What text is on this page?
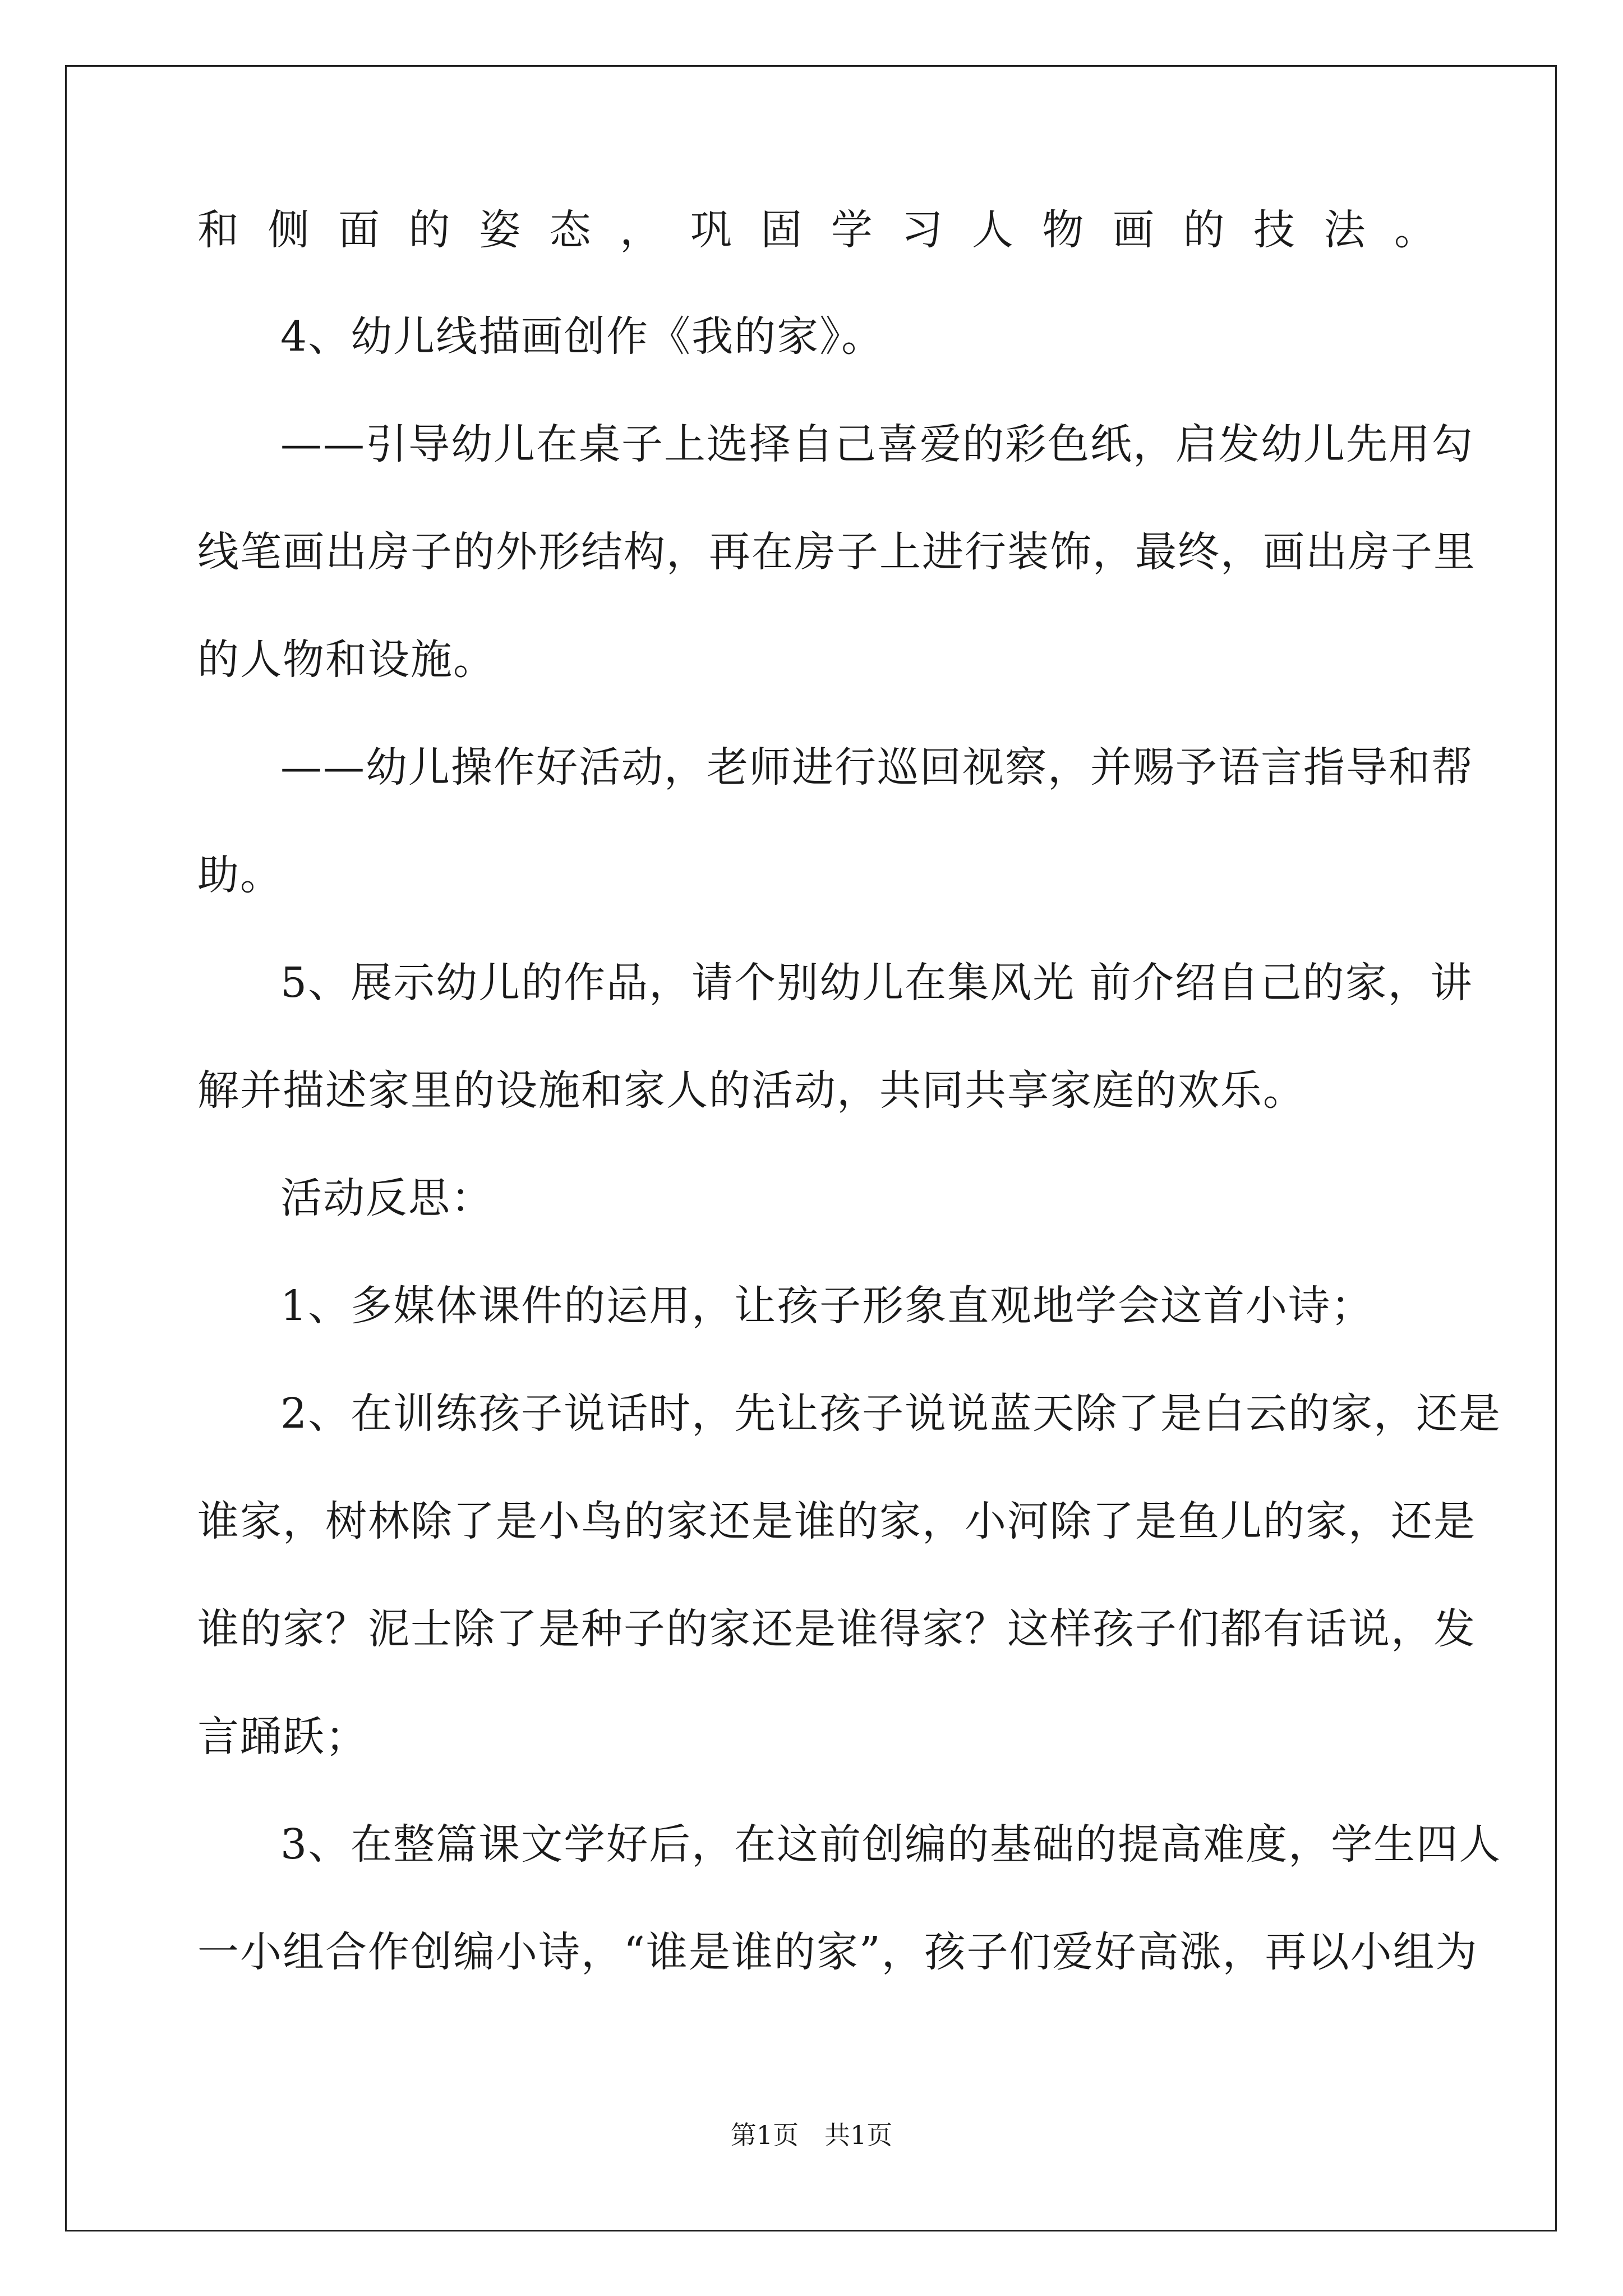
和侧面的姿态，巩固学习人物画的技法。
4、幼儿线描画创作《我的家》。
——引导幼儿在桌子上选择自己喜爱的彩色纸，启发幼儿先用勾
线笔画出房子的外形结构，再在房子上进行装饰，最终，画出房子里
的人物和设施。
——幼儿操作好活动，老师进行巡回视察，并赐予语言指导和帮
助。
5、展示幼儿的作品，请个别幼儿在集风光 前介绍自己的家，讲
解并描述家里的设施和家人的活动，共同共享家庭的欢乐。
活动反思：
1、多媒体课件的运用，让孩子形象直观地学会这首小诗；
2、在训练孩子说话时，先让孩子说说蓝天除了是白云的家，还是
谁家，树林除了是小鸟的家还是谁的家，小河除了是鱼儿的家，还是
谁的家？泥士除了是种子的家还是谁得家？这样孩子们都有话说，发
言踊跃；
3、在整篇课文学好后，在这前创编的基础的提高难度，学生四人
一小组合作创编小诗，“谁是谁的家”，孩子们爱好高涨，再以小组为
第1页　共1页
